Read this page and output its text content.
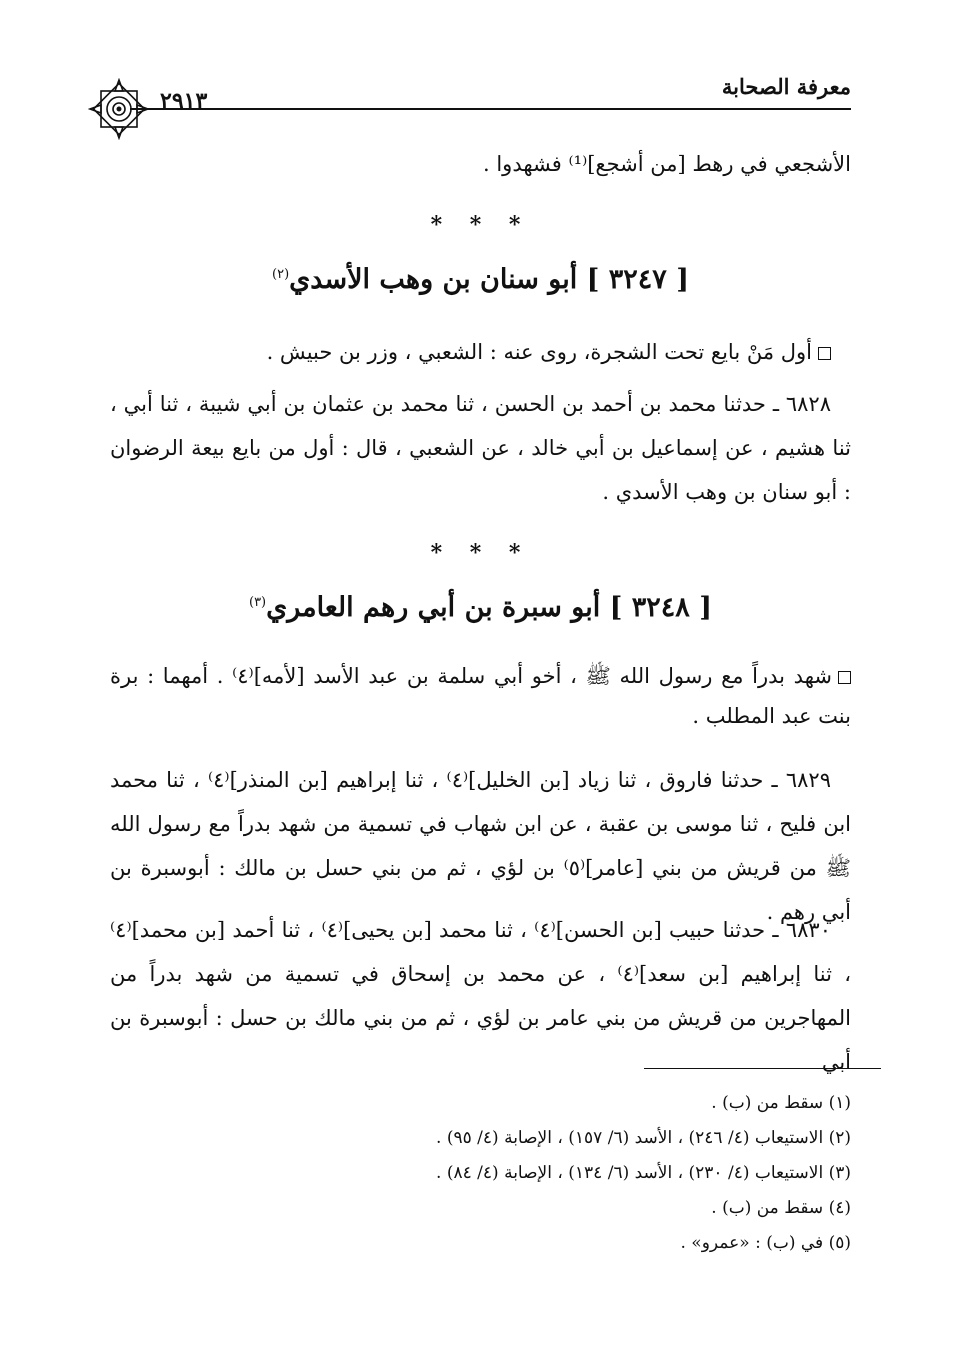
معرفة الصحابة
٢٩١٣
الأشجعي في رهط [من أشجع]⁽¹⁾ فشهدوا .
* * *
[ ٣٢٤٧ ] أبو سنان بن وهب الأسدي$^{(٢)}$
أول مَنْ بايع تحت الشجرة، روى عنه : الشعبي ، وزر بن حبيش .
٦٨٢٨ ـ حدثنا محمد بن أحمد بن الحسن ، ثنا محمد بن عثمان بن أبي شيبة ، ثنا أبي ، ثنا هشيم ، عن إسماعيل بن أبي خالد ، عن الشعبي ، قال : أول من بايع بيعة الرضوان : أبو سنان بن وهب الأسدي .
* * *
[ ٣٢٤٨ ] أبو سبرة بن أبي رهم العامري$^{(٣)}$
شهد بدراً مع رسول الله ﷺ ، أخو أبي سلمة بن عبد الأسد [لأمه]⁽٤⁾ . أمهما : برة بنت عبد المطلب .
٦٨٢٩ ـ حدثنا فاروق ، ثنا زياد [بن الخليل]⁽٤⁾ ، ثنا إبراهيم [بن المنذر]⁽٤⁾ ، ثنا محمد ابن فليح ، ثنا موسى بن عقبة ، عن ابن شهاب في تسمية من شهد بدراً مع رسول الله ﷺ من قريش من بني [عامر]⁽٥⁾ بن لؤي ، ثم من بني حسل بن مالك : أبوسبرة بن أبي رهم .
٦٨٣٠ ـ حدثنا حبيب [بن الحسن]⁽٤⁾ ، ثنا محمد [بن يحيى]⁽٤⁾ ، ثنا أحمد [بن محمد]⁽٤⁾ ، ثنا إبراهيم [بن سعد]⁽٤⁾ ، عن محمد بن إسحاق في تسمية من شهد بدراً من المهاجرين من قريش من بني عامر بن لؤي ، ثم من بني مالك بن حسل : أبوسبرة بن أبي
(١) سقط من (ب) .
(٢) الاستيعاب (٤/ ٢٤٦) ، الأسد (٦/ ١٥٧) ، الإصابة (٤/ ٩٥) .
(٣) الاستيعاب (٤/ ٢٣٠) ، الأسد (٦/ ١٣٤) ، الإصابة (٤/ ٨٤) .
(٤) سقط من (ب) .
(٥) في (ب) : «عمرو» .
